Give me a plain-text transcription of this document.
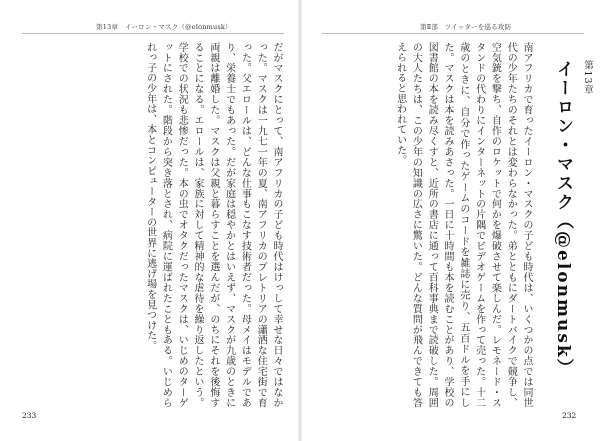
第13章　イーロン・マスク（@elonmusk）
だがマスクにとって、南アフリカの子ども時代はけっして幸せな日々ではなかった。マスクは一九七一年の夏、南アフリカのプレトリアの瀟洒な住宅街で育った。父エロールは、どんな仕事もこなす技術者だった。母メイはモデルであり、栄養士でもあった。だが家庭は穏やかとはいえず、マスクが九歳のときに両親は離婚した。マスクは父親と暮らすことを選んだが、のちにそれを後悔することになる。エロールは、家族に対して精神的な虐待を繰り返したという。学校での状況も悲惨だった。本の虫でオタクだったマスクは、いじめのターゲットにされた。階段から突き落とされ、病院に運ばれたこともある。いじめられっ子の少年は、本とコンピューターの世界に逃げ場を見つけた。
233
第Ⅱ部　ツイッターを巡る攻防
南アフリカで育ったイーロン・マスクの子ども時代は、いくつかの点では同世代の少年たちのそれとは変わらなかった。弟とともにダートバイクで競争し、空気銃を撃ち、自作のロケットで何かを爆破させて楽しんだ。レモネード・スタンドの代わりにインターネットの片隅でビデオゲームを作って売った。十二歳のときに、自分で作ったゲームのコードを雑誌に売り、五百ドルを手にした。マスクは本を読みあさった。一日に十時間も本を読むことがあり、学校の図書館の本を読み尽くすと、近所の書店に通って百科事典まで読破した。周囲の大人たちは、この少年の知識の広さに驚いた。どんな質問が飛んできても答えられると思われていた。	第13章
イーロン・マスク（@elonmusk）
232
